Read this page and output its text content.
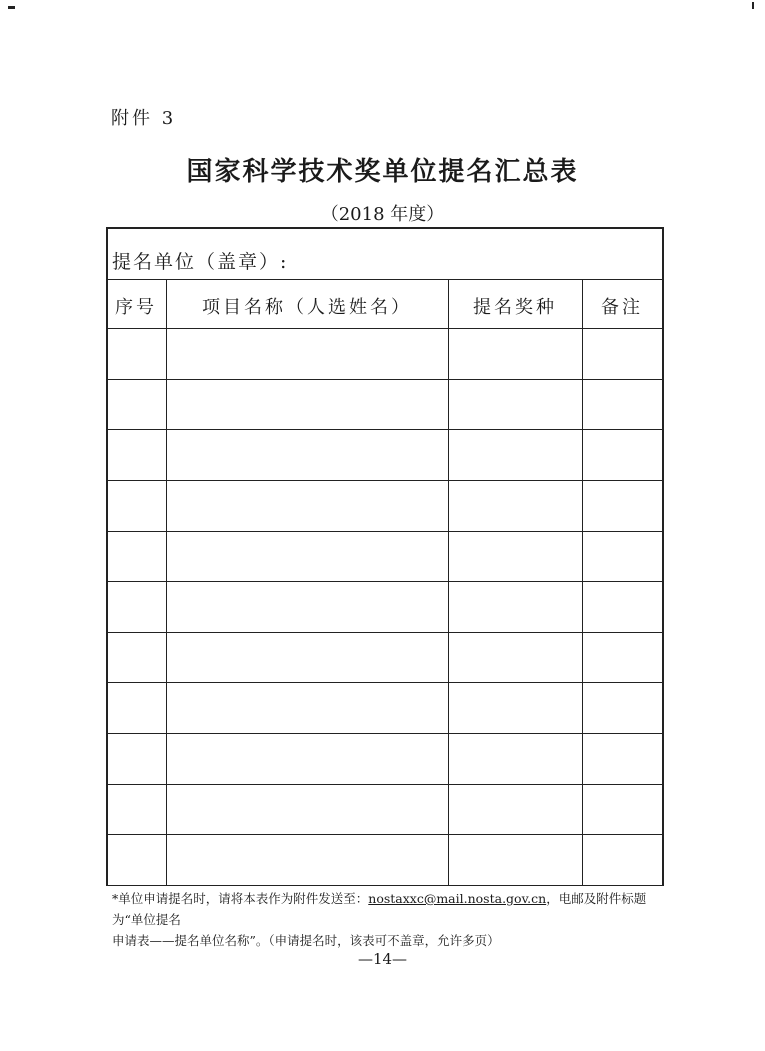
附件 3
国家科学技术奖单位提名汇总表
（2018 年度）
提名单位（盖章）:
序号	项目名称（人选姓名）	提名奖种	备注
*单位申请提名时，请将本表作为附件发送至：nostaxxc@mail.nosta.gov.cn，电邮及附件标题为“单位提名
申请表——提名单位名称”。（申请提名时，该表可不盖章，允许多页）
—14—
